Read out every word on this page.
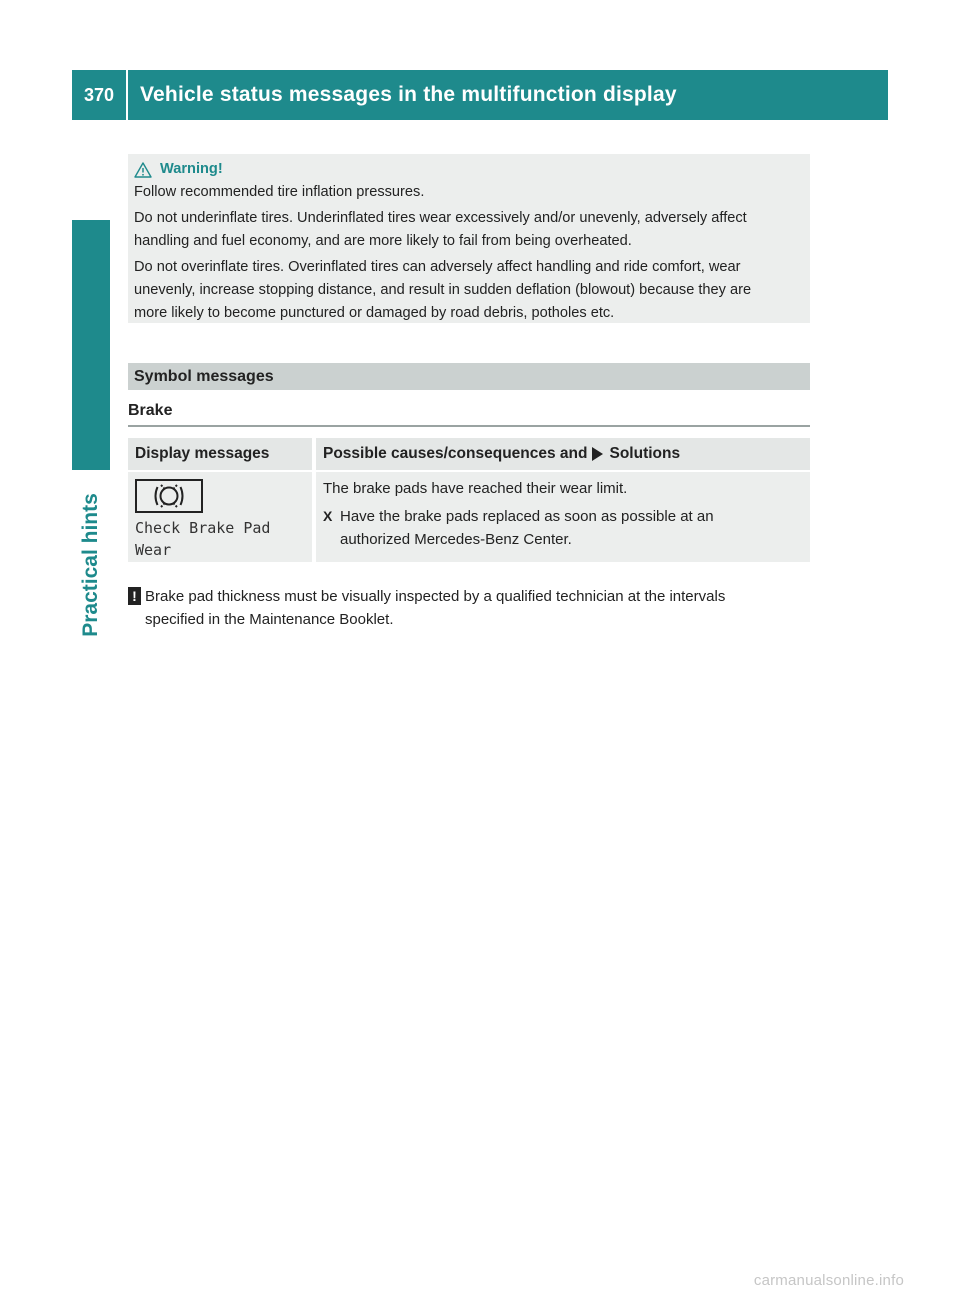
370	Vehicle status messages in the multifunction display
Practical hints
Warning!

Follow recommended tire inflation pressures.

Do not underinflate tires. Underinflated tires wear excessively and/or unevenly, adversely affect
handling and fuel economy, and are more likely to fail from being overheated.

Do not overinflate tires. Overinflated tires can adversely affect handling and ride comfort, wear
unevenly, increase stopping distance, and result in sudden deflation (blowout) because they are
more likely to become punctured or damaged by road debris, potholes etc.

Symbol messages
Brake
Display messages	Possible causes/consequences and Solutions
Check Brake Pad
Wear

The brake pads have reached their wear limit.

X Have the brake pads replaced as soon as possible at an
authorized Mercedes-Benz Center.
! Brake pad thickness must be visually inspected by a qualified technician at the intervals
specified in the Maintenance Booklet.
carmanualsonline.info
